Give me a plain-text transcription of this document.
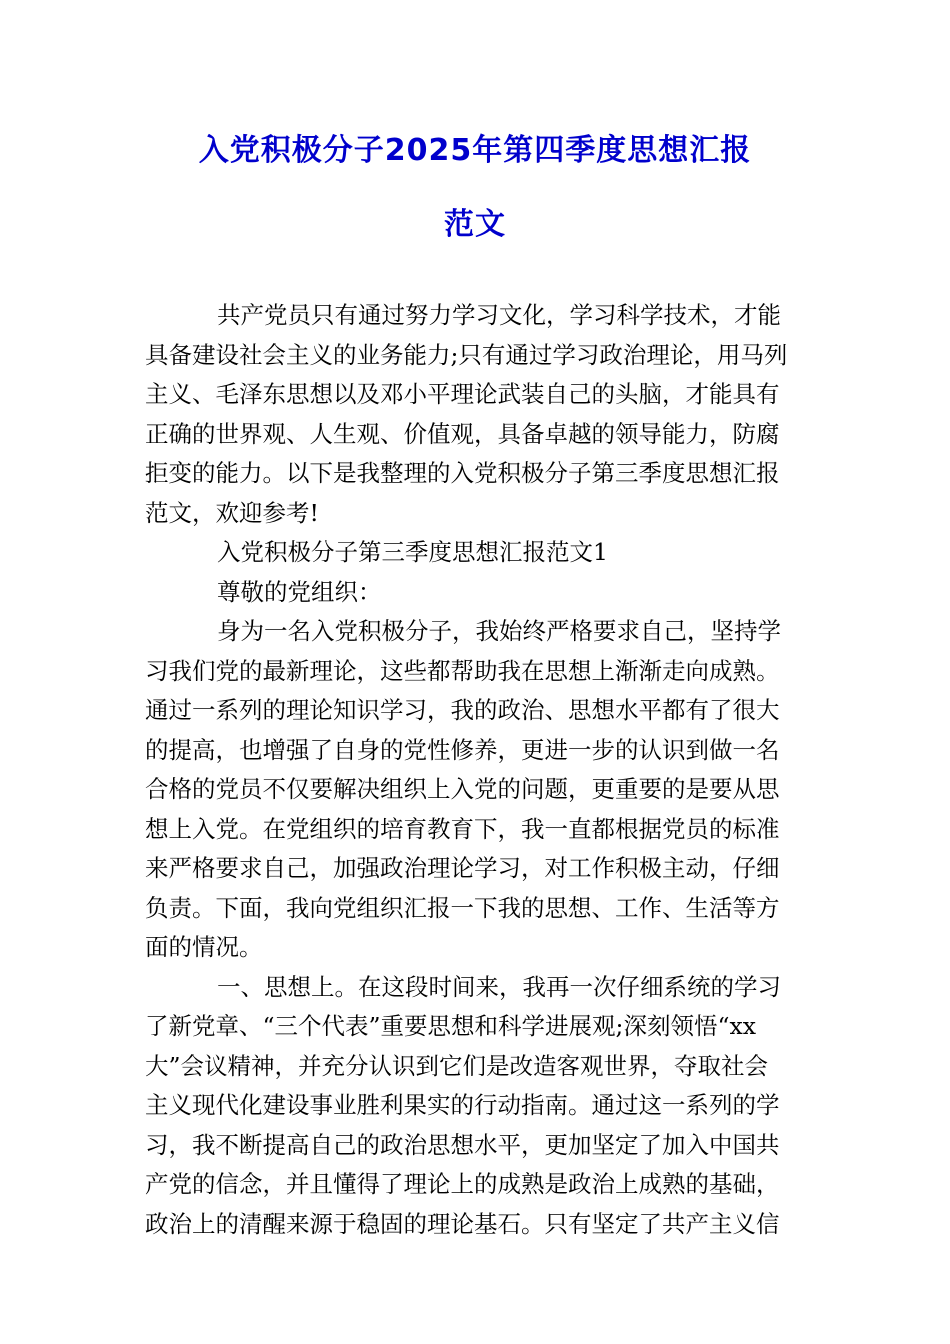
入党积极分子2025年第四季度思想汇报
范文
共产党员只有通过努力学习文化，学习科学技术，才能
具备建设社会主义的业务能力;只有通过学习政治理论，用马列
主义、毛泽东思想以及邓小平理论武装自己的头脑，才能具有
正确的世界观、人生观、价值观，具备卓越的领导能力，防腐
拒变的能力。以下是我整理的入党积极分子第三季度思想汇报
范文，欢迎参考!
入党积极分子第三季度思想汇报范文1
尊敬的党组织：
身为一名入党积极分子，我始终严格要求自己，坚持学
习我们党的最新理论，这些都帮助我在思想上渐渐走向成熟。
通过一系列的理论知识学习，我的政治、思想水平都有了很大
的提高，也增强了自身的党性修养，更进一步的认识到做一名
合格的党员不仅要解决组织上入党的问题，更重要的是要从思
想上入党。在党组织的培育教育下，我一直都根据党员的标准
来严格要求自己，加强政治理论学习，对工作积极主动，仔细
负责。下面，我向党组织汇报一下我的思想、工作、生活等方
面的情况。
一、思想上。在这段时间来，我再一次仔细系统的学习
了新党章、“三个代表”重要思想和科学进展观;深刻领悟“xx
大”会议精神，并充分认识到它们是改造客观世界，夺取社会
主义现代化建设事业胜利果实的行动指南。通过这一系列的学
习，我不断提高自己的政治思想水平，更加坚定了加入中国共
产党的信念，并且懂得了理论上的成熟是政治上成熟的基础，
政治上的清醒来源于稳固的理论基石。只有坚定了共产主义信
